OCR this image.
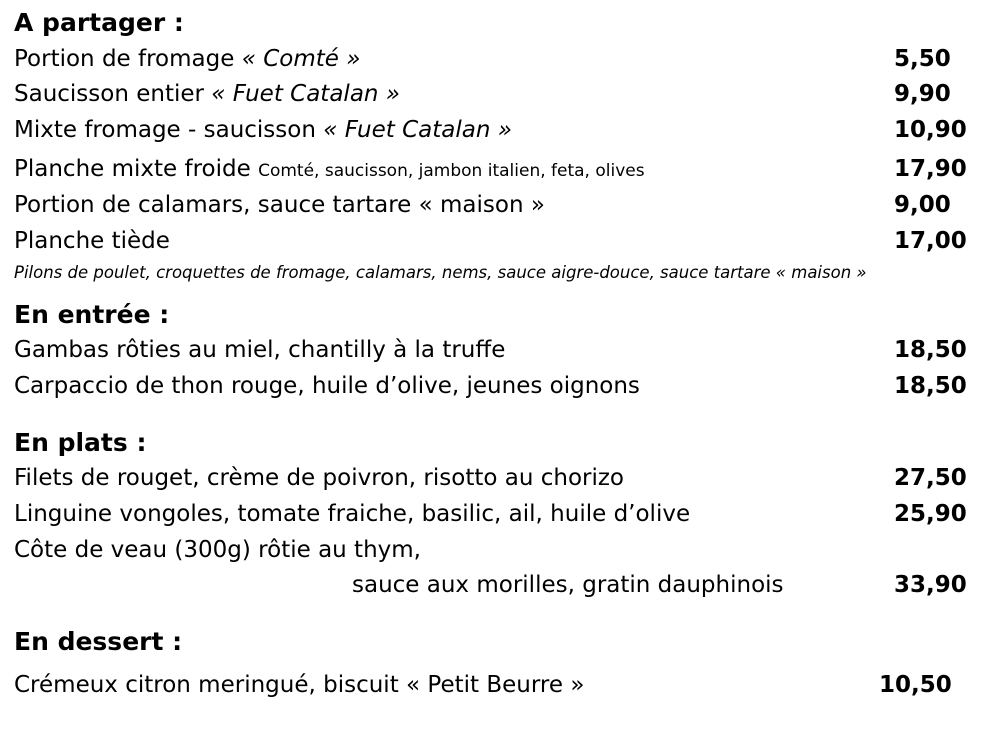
A partager :
Portion de fromage « Comté »	5,50
Saucisson entier « Fuet Catalan »	9,90
Mixte fromage - saucisson « Fuet Catalan »	10,90
Planche mixte froide Comté, saucisson, jambon italien, feta, olives	17,90
Portion de calamars, sauce tartare « maison »	9,00
Planche tiède	17,00
Pilons de poulet, croquettes de fromage, calamars, nems, sauce aigre-douce, sauce tartare « maison »
En entrée :
Gambas rôties au miel, chantilly à la truffe	18,50
Carpaccio de thon rouge, huile d’olive, jeunes oignons	18,50
En plats :
Filets de rouget, crème de poivron, risotto au chorizo	27,50
Linguine vongoles, tomate fraiche, basilic, ail, huile d’olive	25,90
Côte de veau (300g) rôtie au thym,
sauce aux morilles, gratin dauphinois	33,90
En dessert :
Crémeux citron meringué, biscuit « Petit Beurre »	10,50
